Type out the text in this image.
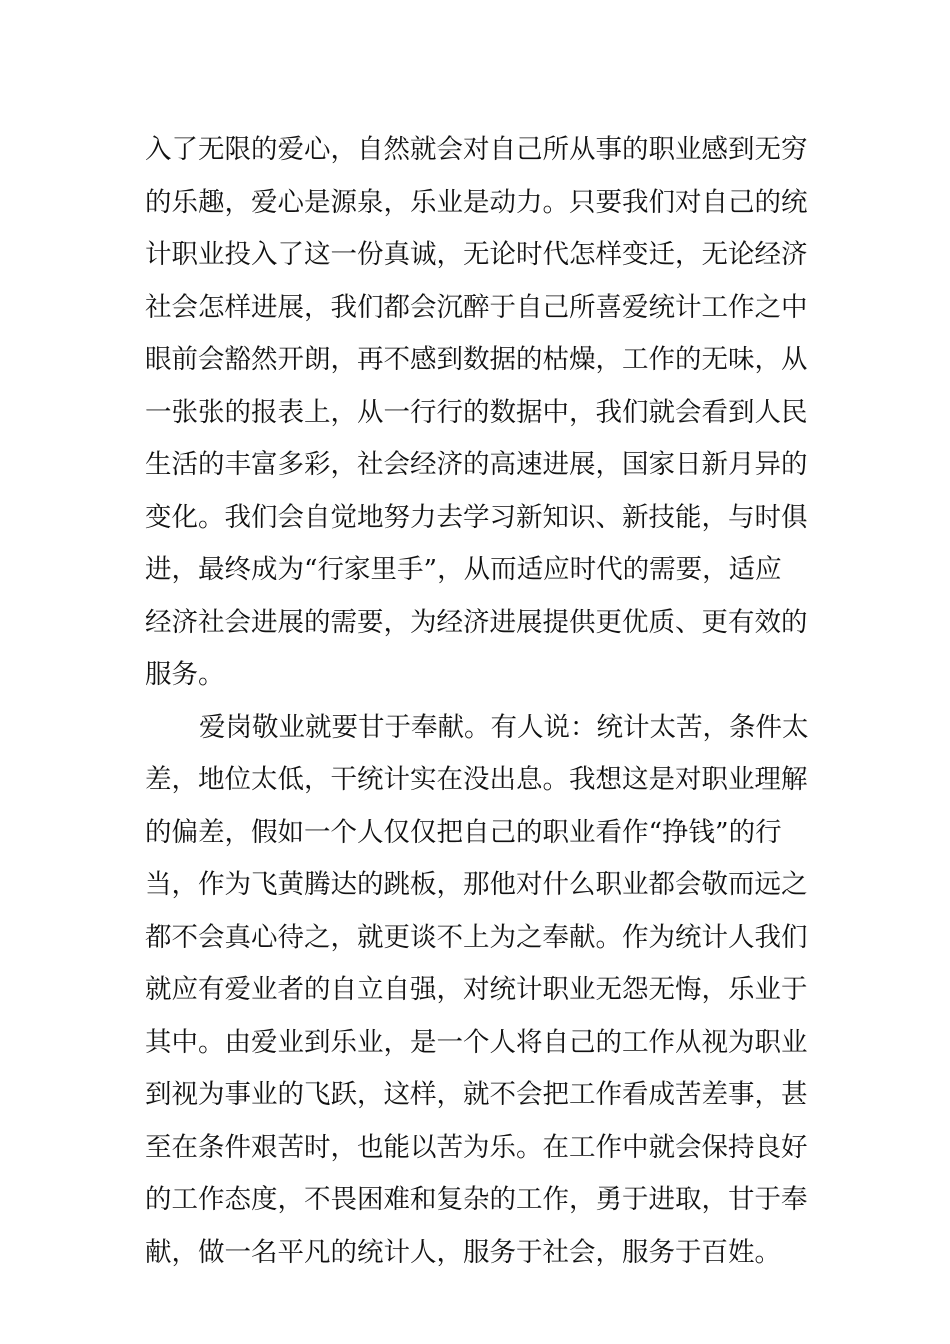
入了无限的爱心，自然就会对自己所从事的职业感到无穷
的乐趣，爱心是源泉，乐业是动力。只要我们对自己的统
计职业投入了这一份真诚，无论时代怎样变迁，无论经济
社会怎样进展，我们都会沉醉于自己所喜爱统计工作之中
眼前会豁然开朗，再不感到数据的枯燥，工作的无味，从
一张张的报表上，从一行行的数据中，我们就会看到人民
生活的丰富多彩，社会经济的高速进展，国家日新月异的
变化。我们会自觉地努力去学习新知识、新技能，与时俱
进，最终成为“行家里手”，从而适应时代的需要，适应
经济社会进展的需要，为经济进展提供更优质、更有效的
服务。
爱岗敬业就要甘于奉献。有人说：统计太苦，条件太
差，地位太低，干统计实在没出息。我想这是对职业理解
的偏差，假如一个人仅仅把自己的职业看作“挣钱”的行
当，作为飞黄腾达的跳板，那他对什么职业都会敬而远之
都不会真心待之，就更谈不上为之奉献。作为统计人我们
就应有爱业者的自立自强，对统计职业无怨无悔，乐业于
其中。由爱业到乐业，是一个人将自己的工作从视为职业
到视为事业的飞跃，这样，就不会把工作看成苦差事，甚
至在条件艰苦时，也能以苦为乐。在工作中就会保持良好
的工作态度，不畏困难和复杂的工作，勇于进取，甘于奉
献，做一名平凡的统计人，服务于社会，服务于百姓。
